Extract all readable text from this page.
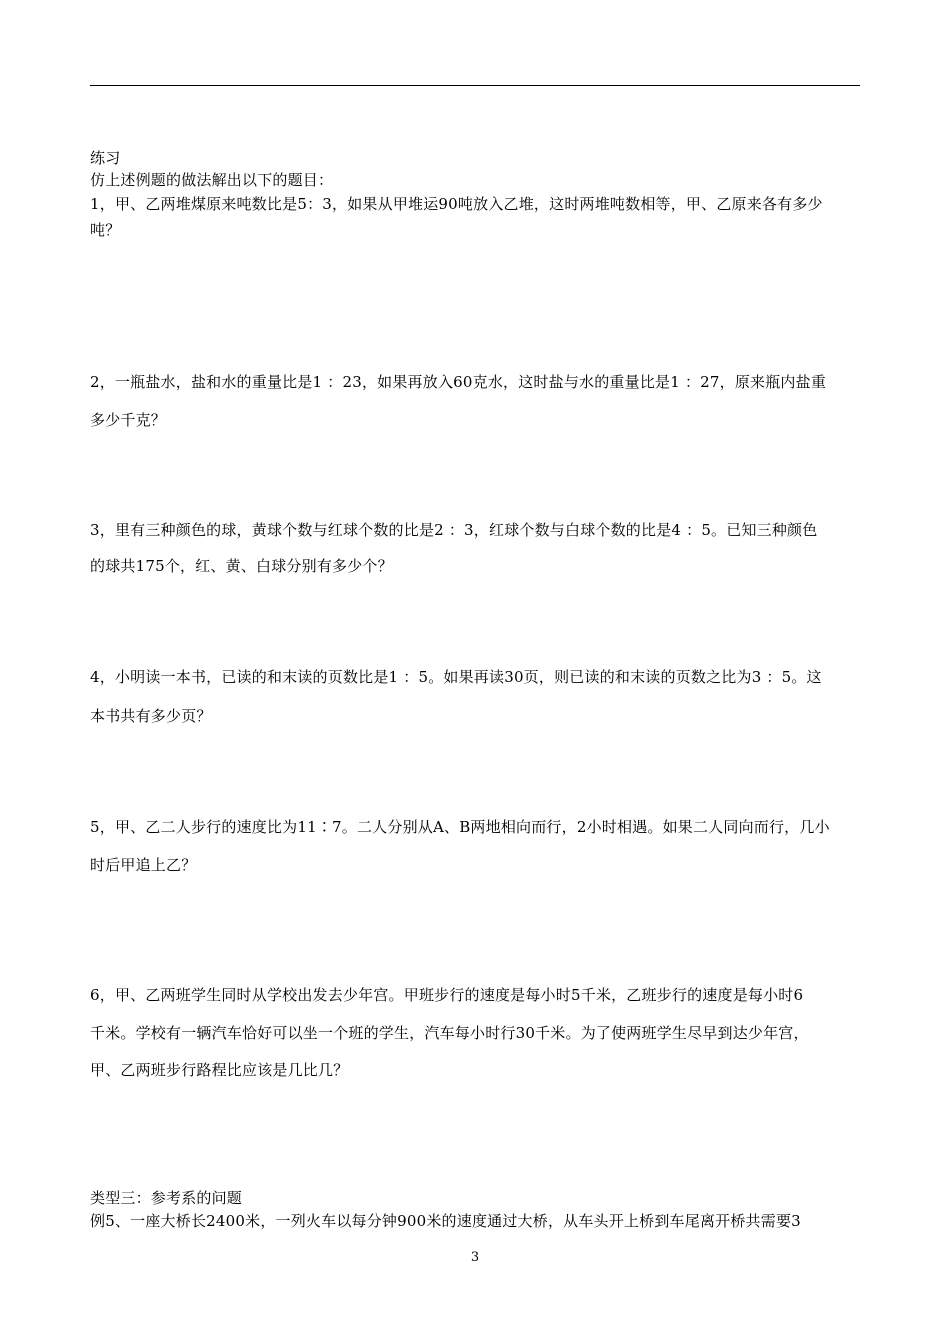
练习
仿上述例题的做法解出以下的题目：
1，甲、乙两堆煤原来吨数比是5：3，如果从甲堆运90吨放入乙堆，这时两堆吨数相等，甲、乙原来各有多少
吨？
2，一瓶盐水，盐和水的重量比是1 ：23，如果再放入60克水，这时盐与水的重量比是1 ：27，原来瓶内盐重
多少千克？
3，里有三种颜色的球，黄球个数与红球个数的比是2 ：3，红球个数与白球个数的比是4 ：5。已知三种颜色
的球共175个，红、黄、白球分别有多少个？
4，小明读一本书，已读的和末读的页数比是1 ：5。如果再读30页，则已读的和末读的页数之比为3 ：5。这
本书共有多少页？
5，甲、乙二人步行的速度比为11∶7。二人分别从A、B两地相向而行，2小时相遇。如果二人同向而行，几小
时后甲追上乙？
6，甲、乙两班学生同时从学校出发去少年宫。甲班步行的速度是每小时5千米，乙班步行的速度是每小时6
千米。学校有一辆汽车恰好可以坐一个班的学生，汽车每小时行30千米。为了使两班学生尽早到达少年宫，
甲、乙两班步行路程比应该是几比几？
类型三：参考系的问题
例5、一座大桥长2400米，一列火车以每分钟900米的速度通过大桥，从车头开上桥到车尾离开桥共需要3
3
